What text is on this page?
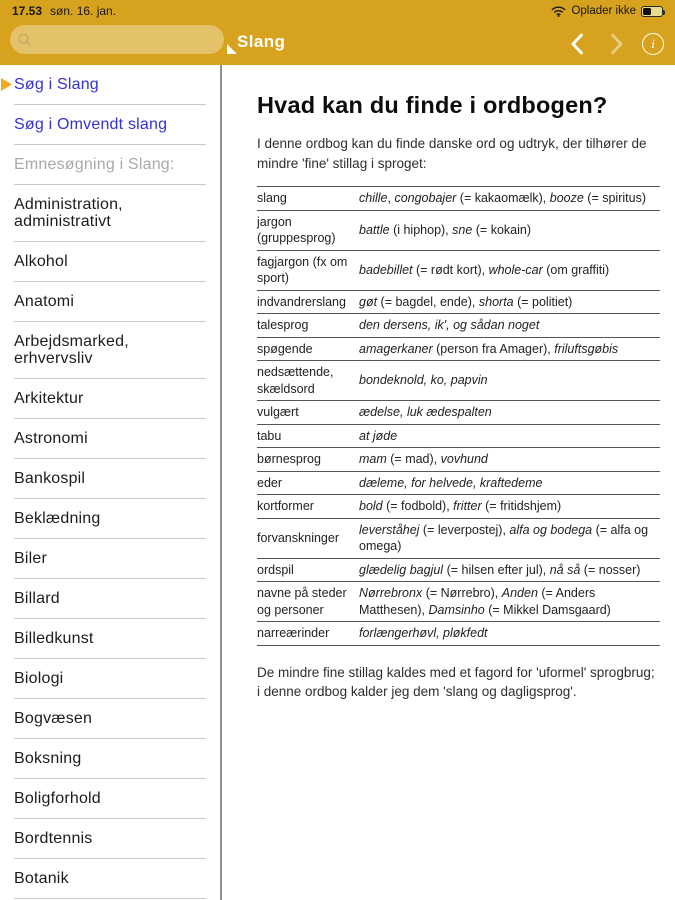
17.53 søn. 16. jan.	Oplader ikke
Slang	i
Søg i Slang
Søg i Omvendt slang
Emnesøgning i Slang:
Administration, administrativt
Alkohol
Anatomi
Arbejdsmarked, erhvervsliv
Arkitektur
Astronomi
Bankospil
Beklædning
Biler
Billard
Billedkunst
Biologi
Bogvæsen
Boksning
Boligforhold
Bordtennis
Botanik
Hvad kan du finde i ordbogen?

I denne ordbog kan du finde danske ord og udtryk, der tilhører de mindre 'fine' stillag i sproget:

slang	chille, congobajer (= kakaomælk), booze (= spiritus)
jargon (gruppesprog)	battle (i hiphop), sne (= kokain)
fagjargon (fx om sport)	badebillet (= rødt kort), whole-car (om graffiti)
indvandrerslang	gøt (= bagdel, ende), shorta (= politiet)
talesprog	den dersens, ik', og sådan noget
spøgende	amagerkaner (person fra Amager), friluftsgøbis
nedsættende, skældsord	bondeknold, ko, papvin
vulgært	ædelse, luk ædespalten
tabu	at jøde
børnesprog	mam (= mad), vovhund
eder	dæleme, for helvede, kraftedeme
kortformer	bold (= fodbold), fritter (= fritidshjem)
forvanskninger	leverståhej (= leverpostej), alfa og bodega (= alfa og omega)
ordspil	glædelig bagjul (= hilsen efter jul), nå så (= nosser)
navne på steder og personer	Nørrebronx (= Nørrebro), Anden (= Anders Matthesen), Damsinho (= Mikkel Damsgaard)
narreærinder	forlængerhøvl, pløkfedt

De mindre fine stillag kaldes med et fagord for 'uformel' sprogbrug; i denne ordbog kalder jeg dem 'slang og dagligsprog'.
